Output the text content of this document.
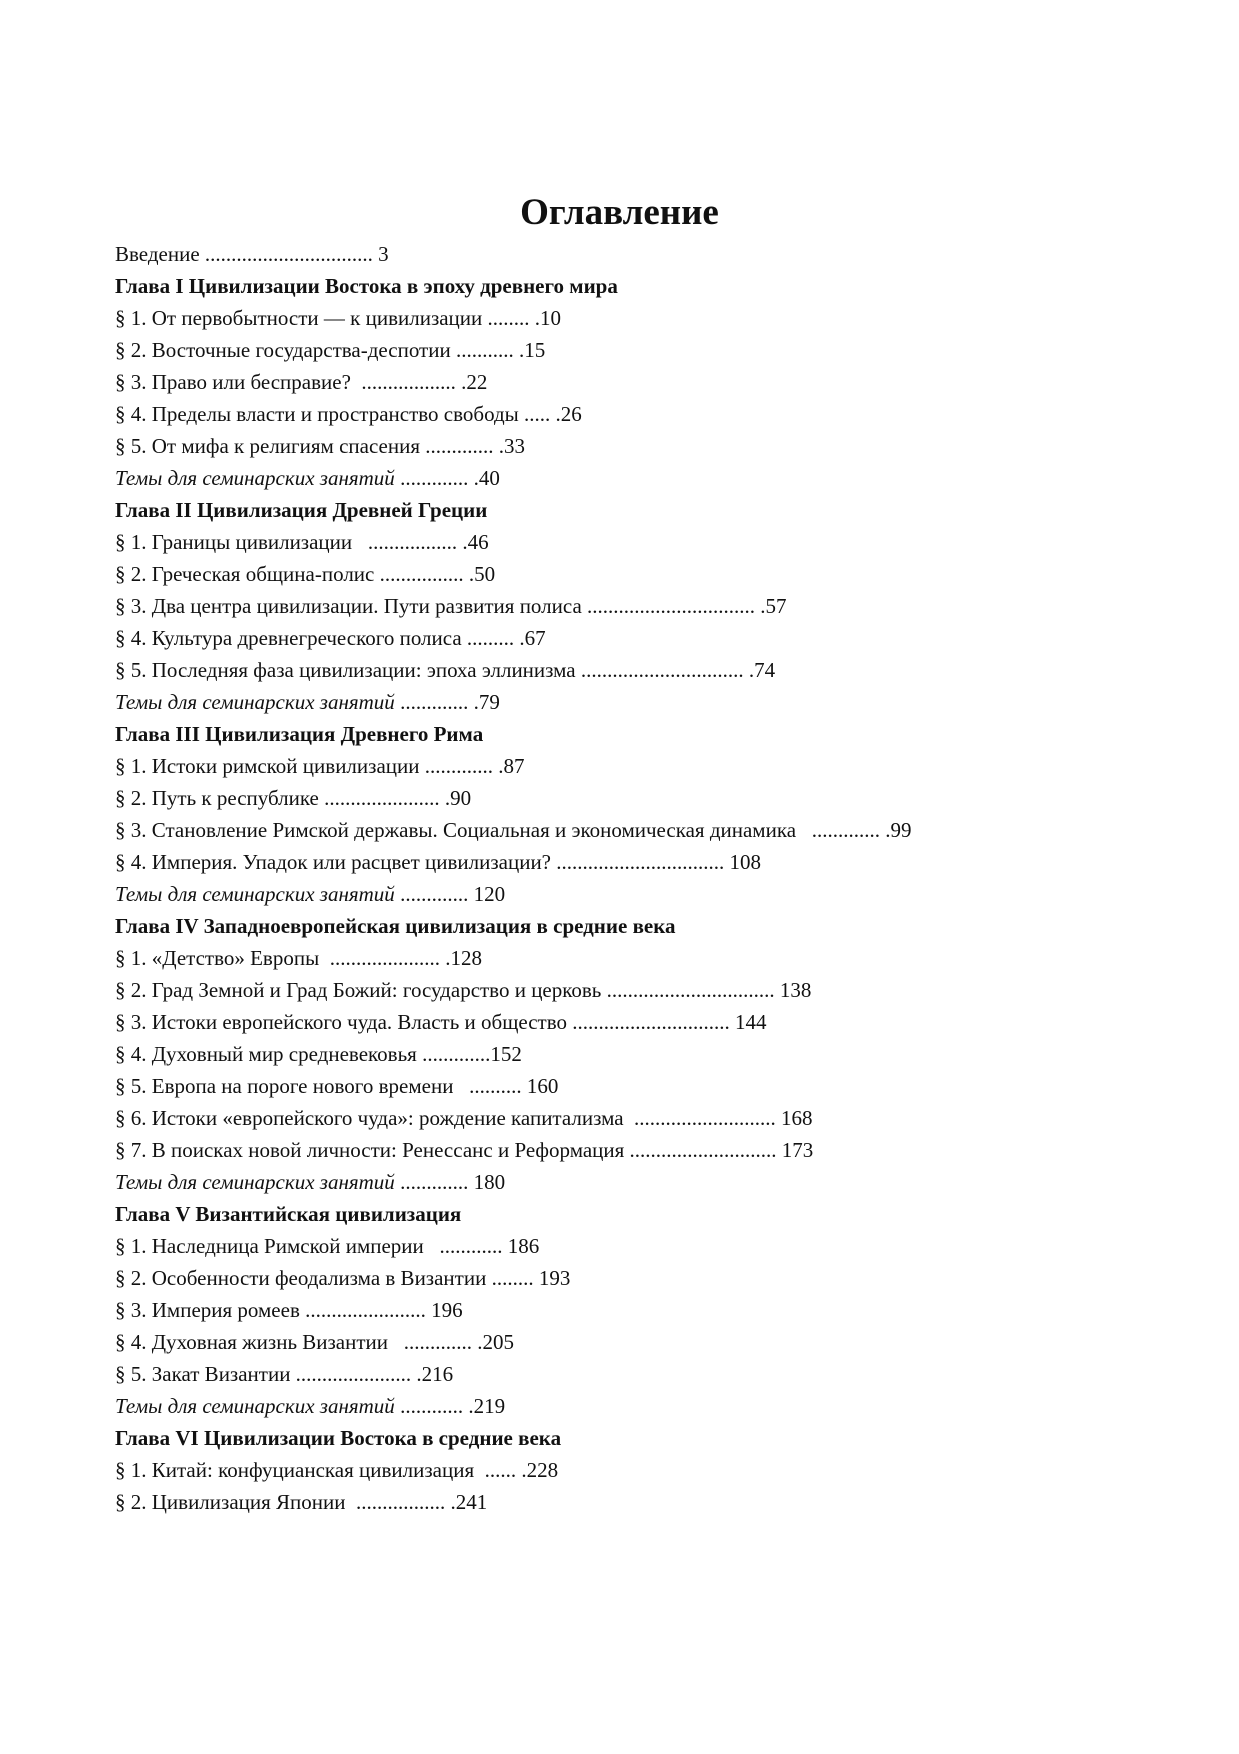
Оглавление
Введение ................................ 3
Глава I Цивилизации Востока в эпоху древнего мира
§ 1. От первобытности — к цивилизации ........ .10
§ 2. Восточные государства-деспотии ........... .15
§ 3. Право или бесправие?  .................. .22
§ 4. Пределы власти и пространство свободы ..... .26
§ 5. От мифа к религиям спасения ............. .33
Темы для семинарских занятий ............. .40
Глава II Цивилизация Древней Греции
§ 1. Границы цивилизации   ................. .46
§ 2. Греческая община-полис ................ .50
§ 3. Два центра цивилизации. Пути развития полиса ................................ .57
§ 4. Культура древнегреческого полиса ......... .67
§ 5. Последняя фаза цивилизации: эпоха эллинизма ............................... .74
Темы для семинарских занятий ............. .79
Глава III Цивилизация Древнего Рима
§ 1. Истоки римской цивилизации ............. .87
§ 2. Путь к республике ...................... .90
§ 3. Становление Римской державы. Социальная и экономическая динамика   ............. .99
§ 4. Империя. Упадок или расцвет цивилизации? ................................ 108
Темы для семинарских занятий ............. 120
Глава IV Западноевропейская цивилизация в средние века
§ 1. «Детство» Европы  ..................... .128
§ 2. Град Земной и Град Божий: государство и церковь ................................ 138
§ 3. Истоки европейского чуда. Власть и общество .............................. 144
§ 4. Духовный мир средневековья .............152
§ 5. Европа на пороге нового времени   .......... 160
§ 6. Истоки «европейского чуда»: рождение капитализма  ........................... 168
§ 7. В поисках новой личности: Ренессанс и Реформация ............................ 173
Темы для семинарских занятий ............. 180
Глава V Византийская цивилизация
§ 1. Наследница Римской империи   ............ 186
§ 2. Особенности феодализма в Византии ........ 193
§ 3. Империя ромеев ....................... 196
§ 4. Духовная жизнь Византии   ............. .205
§ 5. Закат Византии ...................... .216
Темы для семинарских занятий ............ .219
Глава VI Цивилизации Востока в средние века
§ 1. Китай: конфуцианская цивилизация  ...... .228
§ 2. Цивилизация Японии  ................. .241
